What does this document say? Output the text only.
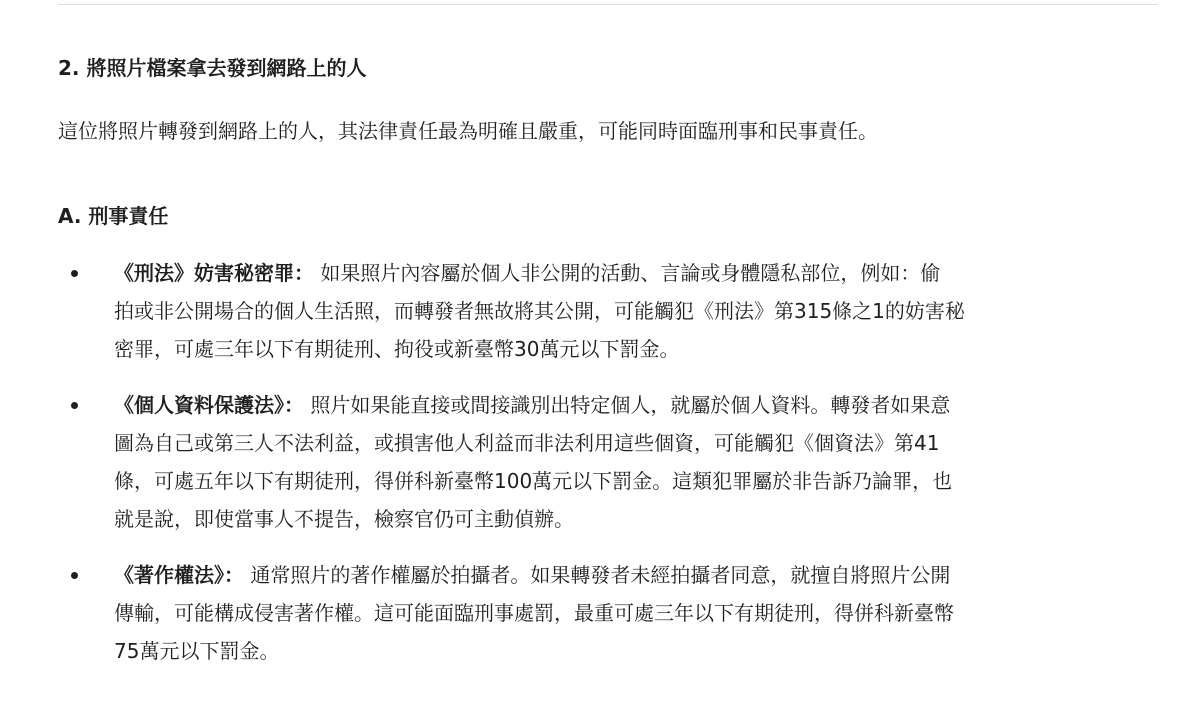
2. 將照片檔案拿去發到網路上的人

這位將照片轉發到網路上的人，其法律責任最為明確且嚴重，可能同時面臨刑事和民事責任。

A. 刑事責任
《刑法》妨害秘密罪： 如果照片內容屬於個人非公開的活動、言論或身體隱私部位，例如：偷
拍或非公開場合的個人生活照，而轉發者無故將其公開，可能觸犯《刑法》第315條之1的妨害秘
密罪，可處三年以下有期徒刑、拘役或新臺幣30萬元以下罰金。
《個人資料保護法》： 照片如果能直接或間接識別出特定個人，就屬於個人資料。轉發者如果意
圖為自己或第三人不法利益，或損害他人利益而非法利用這些個資，可能觸犯《個資法》第41
條，可處五年以下有期徒刑，得併科新臺幣100萬元以下罰金。這類犯罪屬於非告訴乃論罪，也
就是說，即使當事人不提告，檢察官仍可主動偵辦。
《著作權法》： 通常照片的著作權屬於拍攝者。如果轉發者未經拍攝者同意，就擅自將照片公開
傳輸，可能構成侵害著作權。這可能面臨刑事處罰，最重可處三年以下有期徒刑，得併科新臺幣
75萬元以下罰金。
